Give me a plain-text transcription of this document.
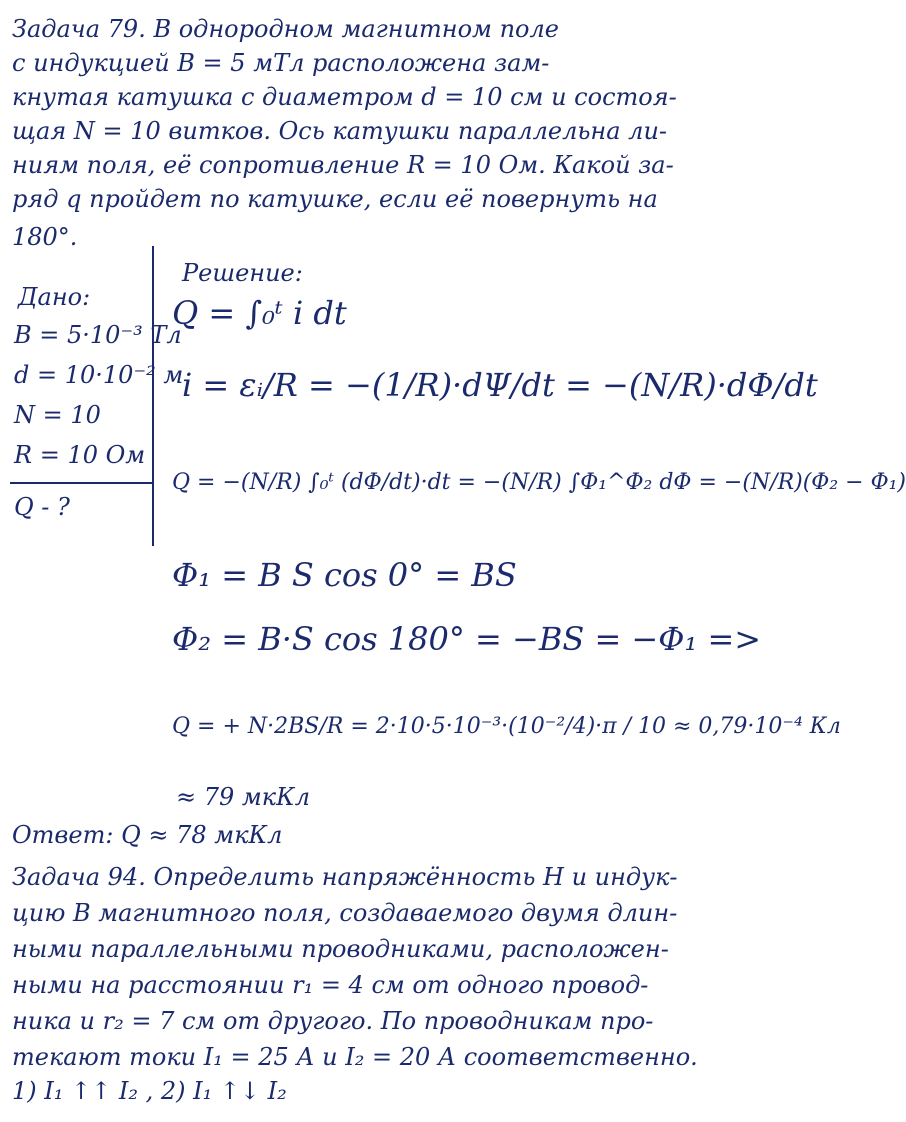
Задача 79. В однородном магнитном поле
с индукцией B = 5 мТл расположена зам-
кнутая катушка с диаметром d = 10 см и состоя-
щая N = 10 витков. Ось катушки параллельна ли-
ниям поля, её сопротивление R = 10 Ом. Какой за-
ряд q пройдет по катушке, если её повернуть на
180°.
Дано:
B = 5·10⁻³ Тл
d = 10·10⁻² м
N = 10
R = 10 Ом
Q - ?
Решение:
Q = ∫₀ᵗ i dt
i = εᵢ/R = −(1/R)·dΨ/dt = −(N/R)·dΦ/dt
Q = −(N/R) ∫₀ᵗ (dΦ/dt)·dt = −(N/R) ∫Φ₁^Φ₂ dΦ = −(N/R)(Φ₂ − Φ₁)
Φ₁ = B S cos 0° = BS
Φ₂ = B·S cos 180° = −BS = −Φ₁ =>
Q = + N·2BS/R = 2·10·5·10⁻³·(10⁻²/4)·π / 10 ≈ 0,79·10⁻⁴ Кл
≈ 79 мкКл
Ответ: Q ≈ 78 мкКл
Задача 94. Определить напряжённость H и индук-
цию B магнитного поля, создаваемого двумя длин-
ными параллельными проводниками, расположен-
ными на расстоянии r₁ = 4 см от одного провод-
ника и r₂ = 7 см от другого. По проводникам про-
текают токи I₁ = 25 А и I₂ = 20 А соответственно.
1) I₁ ↑↑ I₂ , 2) I₁ ↑↓ I₂
